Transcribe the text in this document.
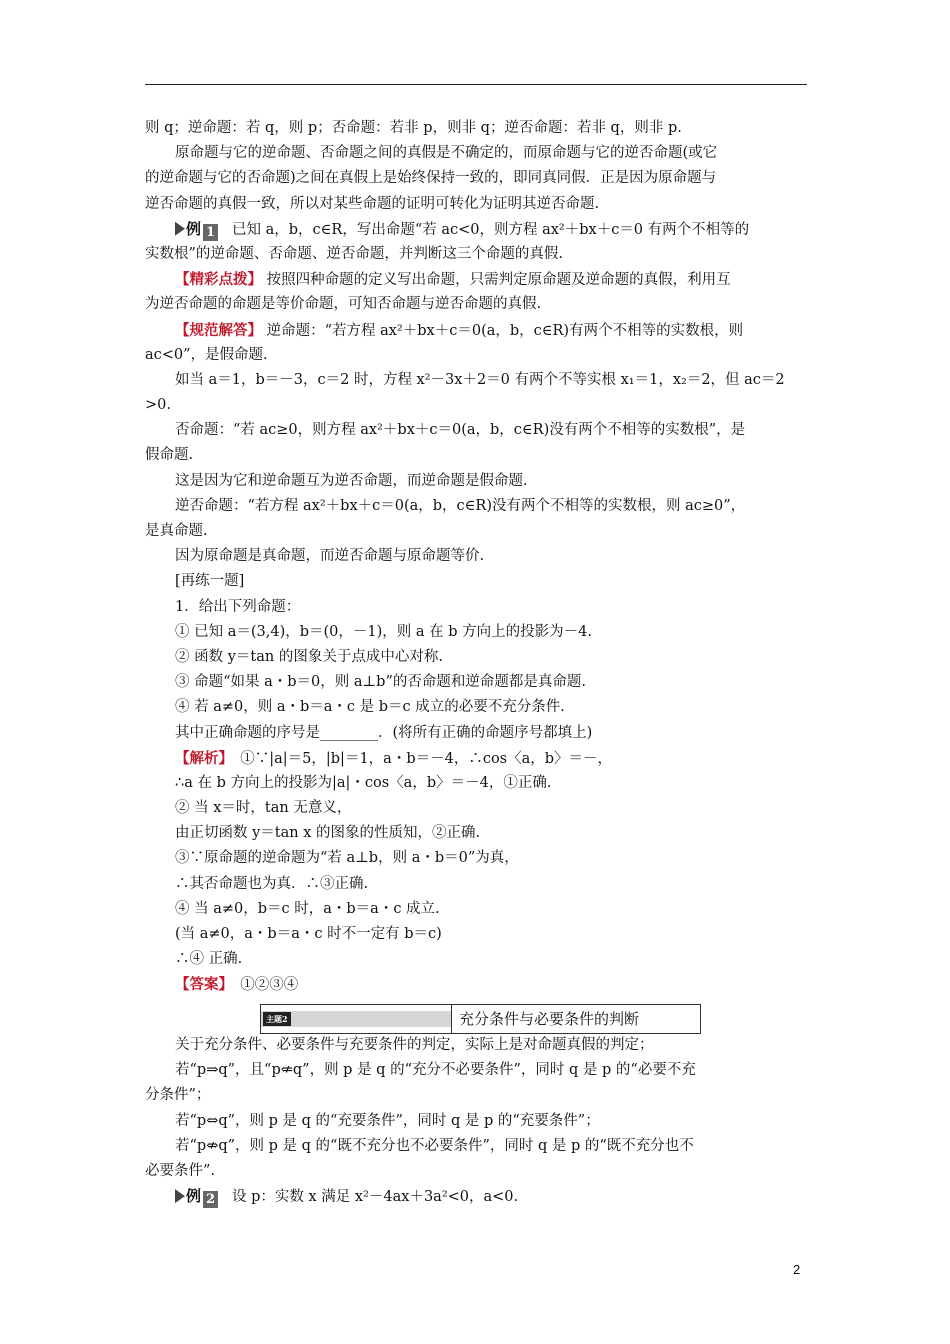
则 q；逆命题：若 q，则 p；否命题：若非 p，则非 q；逆否命题：若非 q，则非 p.
原命题与它的逆命题、否命题之间的真假是不确定的，而原命题与它的逆否命题(或它
的逆命题与它的否命题)之间在真假上是始终保持一致的，即同真同假．正是因为原命题与
逆否命题的真假一致，所以对某些命题的证明可转化为证明其逆否命题.
例 1 已知 a，b，c∈R，写出命题“若 ac<0，则方程 ax²＋bx＋c＝0 有两个不相等的
实数根”的逆命题、否命题、逆否命题，并判断这三个命题的真假.
【精彩点拨】 按照四种命题的定义写出命题，只需判定原命题及逆命题的真假，利用互
为逆否命题的命题是等价命题，可知否命题与逆否命题的真假.
【规范解答】 逆命题：“若方程 ax²＋bx＋c＝0(a，b，c∈R)有两个不相等的实数根，则
ac<0”，是假命题.
如当 a＝1，b＝－3，c＝2 时，方程 x²－3x＋2＝0 有两个不等实根 x₁＝1，x₂＝2，但 ac＝2
>0.
否命题：“若 ac≥0，则方程 ax²＋bx＋c＝0(a，b，c∈R)没有两个不相等的实数根”，是
假命题.
这是因为它和逆命题互为逆否命题，而逆命题是假命题.
逆否命题：“若方程 ax²＋bx＋c＝0(a，b，c∈R)没有两个不相等的实数根，则 ac≥0”，
是真命题.
因为原命题是真命题，而逆否命题与原命题等价.
[再练一题]
1．给出下列命题：
① 已知 a＝(3,4)，b＝(0，－1)，则 a 在 b 方向上的投影为－4.
② 函数 y＝tan 的图象关于点成中心对称.
③ 命题“如果 a・b＝0，则 a⊥b”的否命题和逆命题都是真命题.
④ 若 a≠0，则 a・b＝a・c 是 b＝c 成立的必要不充分条件.
其中正确命题的序号是________．(将所有正确的命题序号都填上)
【解析】　 ①∵|a|＝5，|b|＝1，a・b＝－4，∴cos〈a，b〉＝－，
∴a 在 b 方向上的投影为|a|・cos〈a，b〉＝－4，①正确.
② 当 x＝时，tan 无意义，
由正切函数 y＝tan x 的图象的性质知，②正确.
③∵原命题的逆命题为“若 a⊥b，则 a・b＝0”为真，
∴其否命题也为真．∴③正确.
④ 当 a≠0，b＝c 时，a・b＝a・c 成立.
(当 a≠0，a・b＝a・c 时不一定有 b＝c)
∴④ 正确.
【答案】　 ①②③④
主题2	充分条件与必要条件的判断
关于充分条件、必要条件与充要条件的判定，实际上是对命题真假的判定；
若“p⇒q”，且“p⇍q”，则 p 是 q 的“充分不必要条件”，同时 q 是 p 的“必要不充
分条件”；
若“p⇔q”，则 p 是 q 的“充要条件”，同时 q 是 p 的“充要条件”；
若“p⇎q”，则 p 是 q 的“既不充分也不必要条件”，同时 q 是 p 的“既不充分也不
必要条件”.
例 2 设 p：实数 x 满足 x²－4ax＋3a²<0，a<0.
2
